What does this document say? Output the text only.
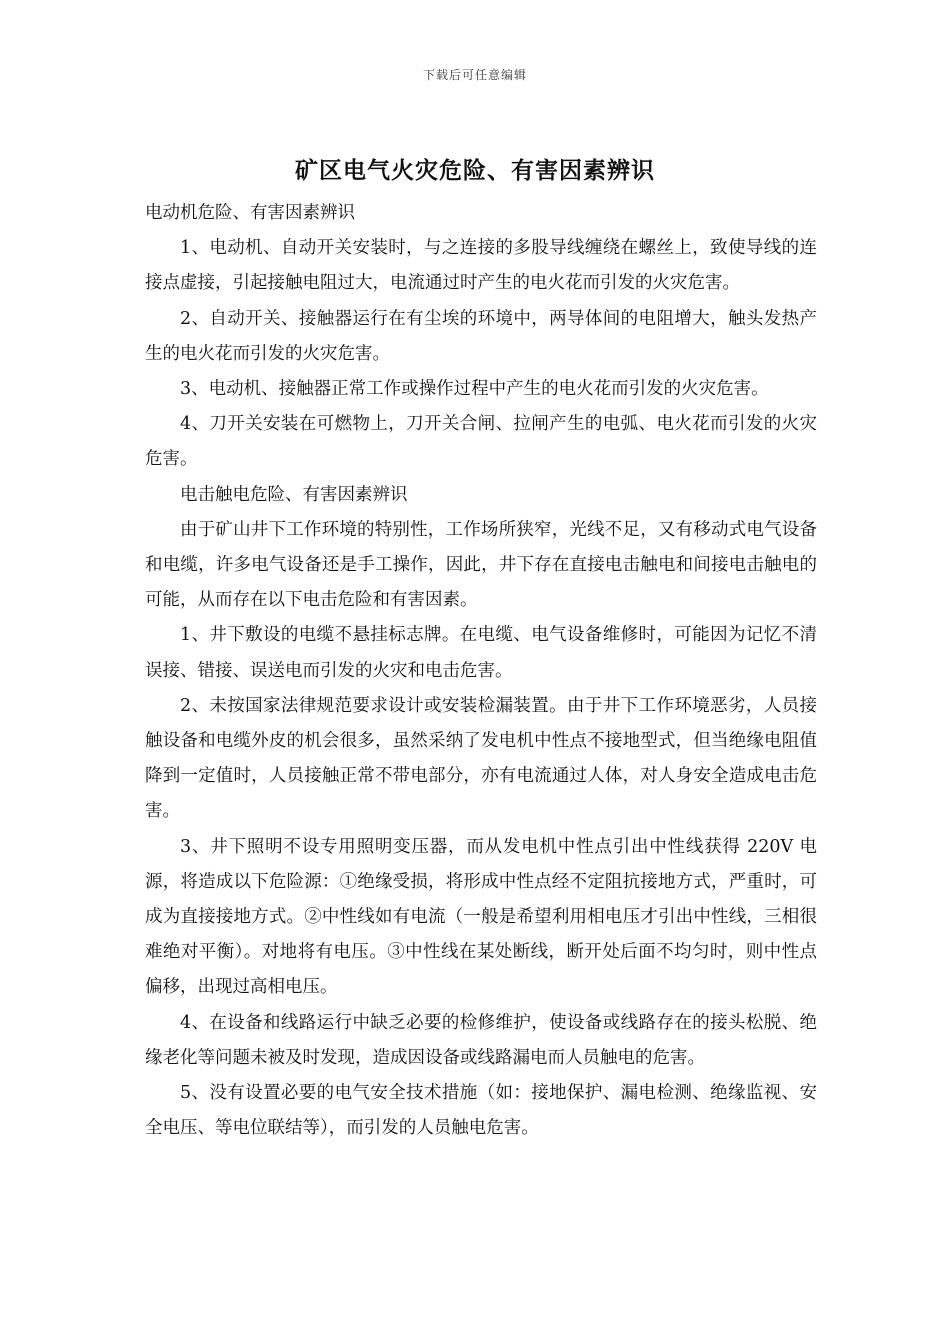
下载后可任意编辑
矿区电气火灾危险、有害因素辨识

电动机危险、有害因素辨识

1、电动机、自动开关安装时，与之连接的多股导线缠绕在螺丝上，致使导线的连接点虚接，引起接触电阻过大，电流通过时产生的电火花而引发的火灾危害。

2、自动开关、接触器运行在有尘埃的环境中，两导体间的电阻增大，触头发热产生的电火花而引发的火灾危害。

3、电动机、接触器正常工作或操作过程中产生的电火花而引发的火灾危害。

4、刀开关安装在可燃物上，刀开关合闸、拉闸产生的电弧、电火花而引发的火灾危害。

电击触电危险、有害因素辨识

由于矿山井下工作环境的特别性，工作场所狭窄，光线不足，又有移动式电气设备和电缆，许多电气设备还是手工操作，因此，井下存在直接电击触电和间接电击触电的可能，从而存在以下电击危险和有害因素。

1、井下敷设的电缆不悬挂标志牌。在电缆、电气设备维修时，可能因为记忆不清误接、错接、误送电而引发的火灾和电击危害。

2、未按国家法律规范要求设计或安装检漏装置。由于井下工作环境恶劣，人员接触设备和电缆外皮的机会很多，虽然采纳了发电机中性点不接地型式，但当绝缘电阻值降到一定值时，人员接触正常不带电部分，亦有电流通过人体，对人身安全造成电击危害。

3、井下照明不设专用照明变压器，而从发电机中性点引出中性线获得 220V 电源，将造成以下危险源：①绝缘受损，将形成中性点经不定阻抗接地方式，严重时，可成为直接接地方式。②中性线如有电流（一般是希望利用相电压才引出中性线，三相很难绝对平衡）。对地将有电压。③中性线在某处断线，断开处后面不均匀时，则中性点偏移，出现过高相电压。

4、在设备和线路运行中缺乏必要的检修维护，使设备或线路存在的接头松脱、绝缘老化等问题未被及时发现，造成因设备或线路漏电而人员触电的危害。

5、没有设置必要的电气安全技术措施（如：接地保护、漏电检测、绝缘监视、安全电压、等电位联结等），而引发的人员触电危害。
